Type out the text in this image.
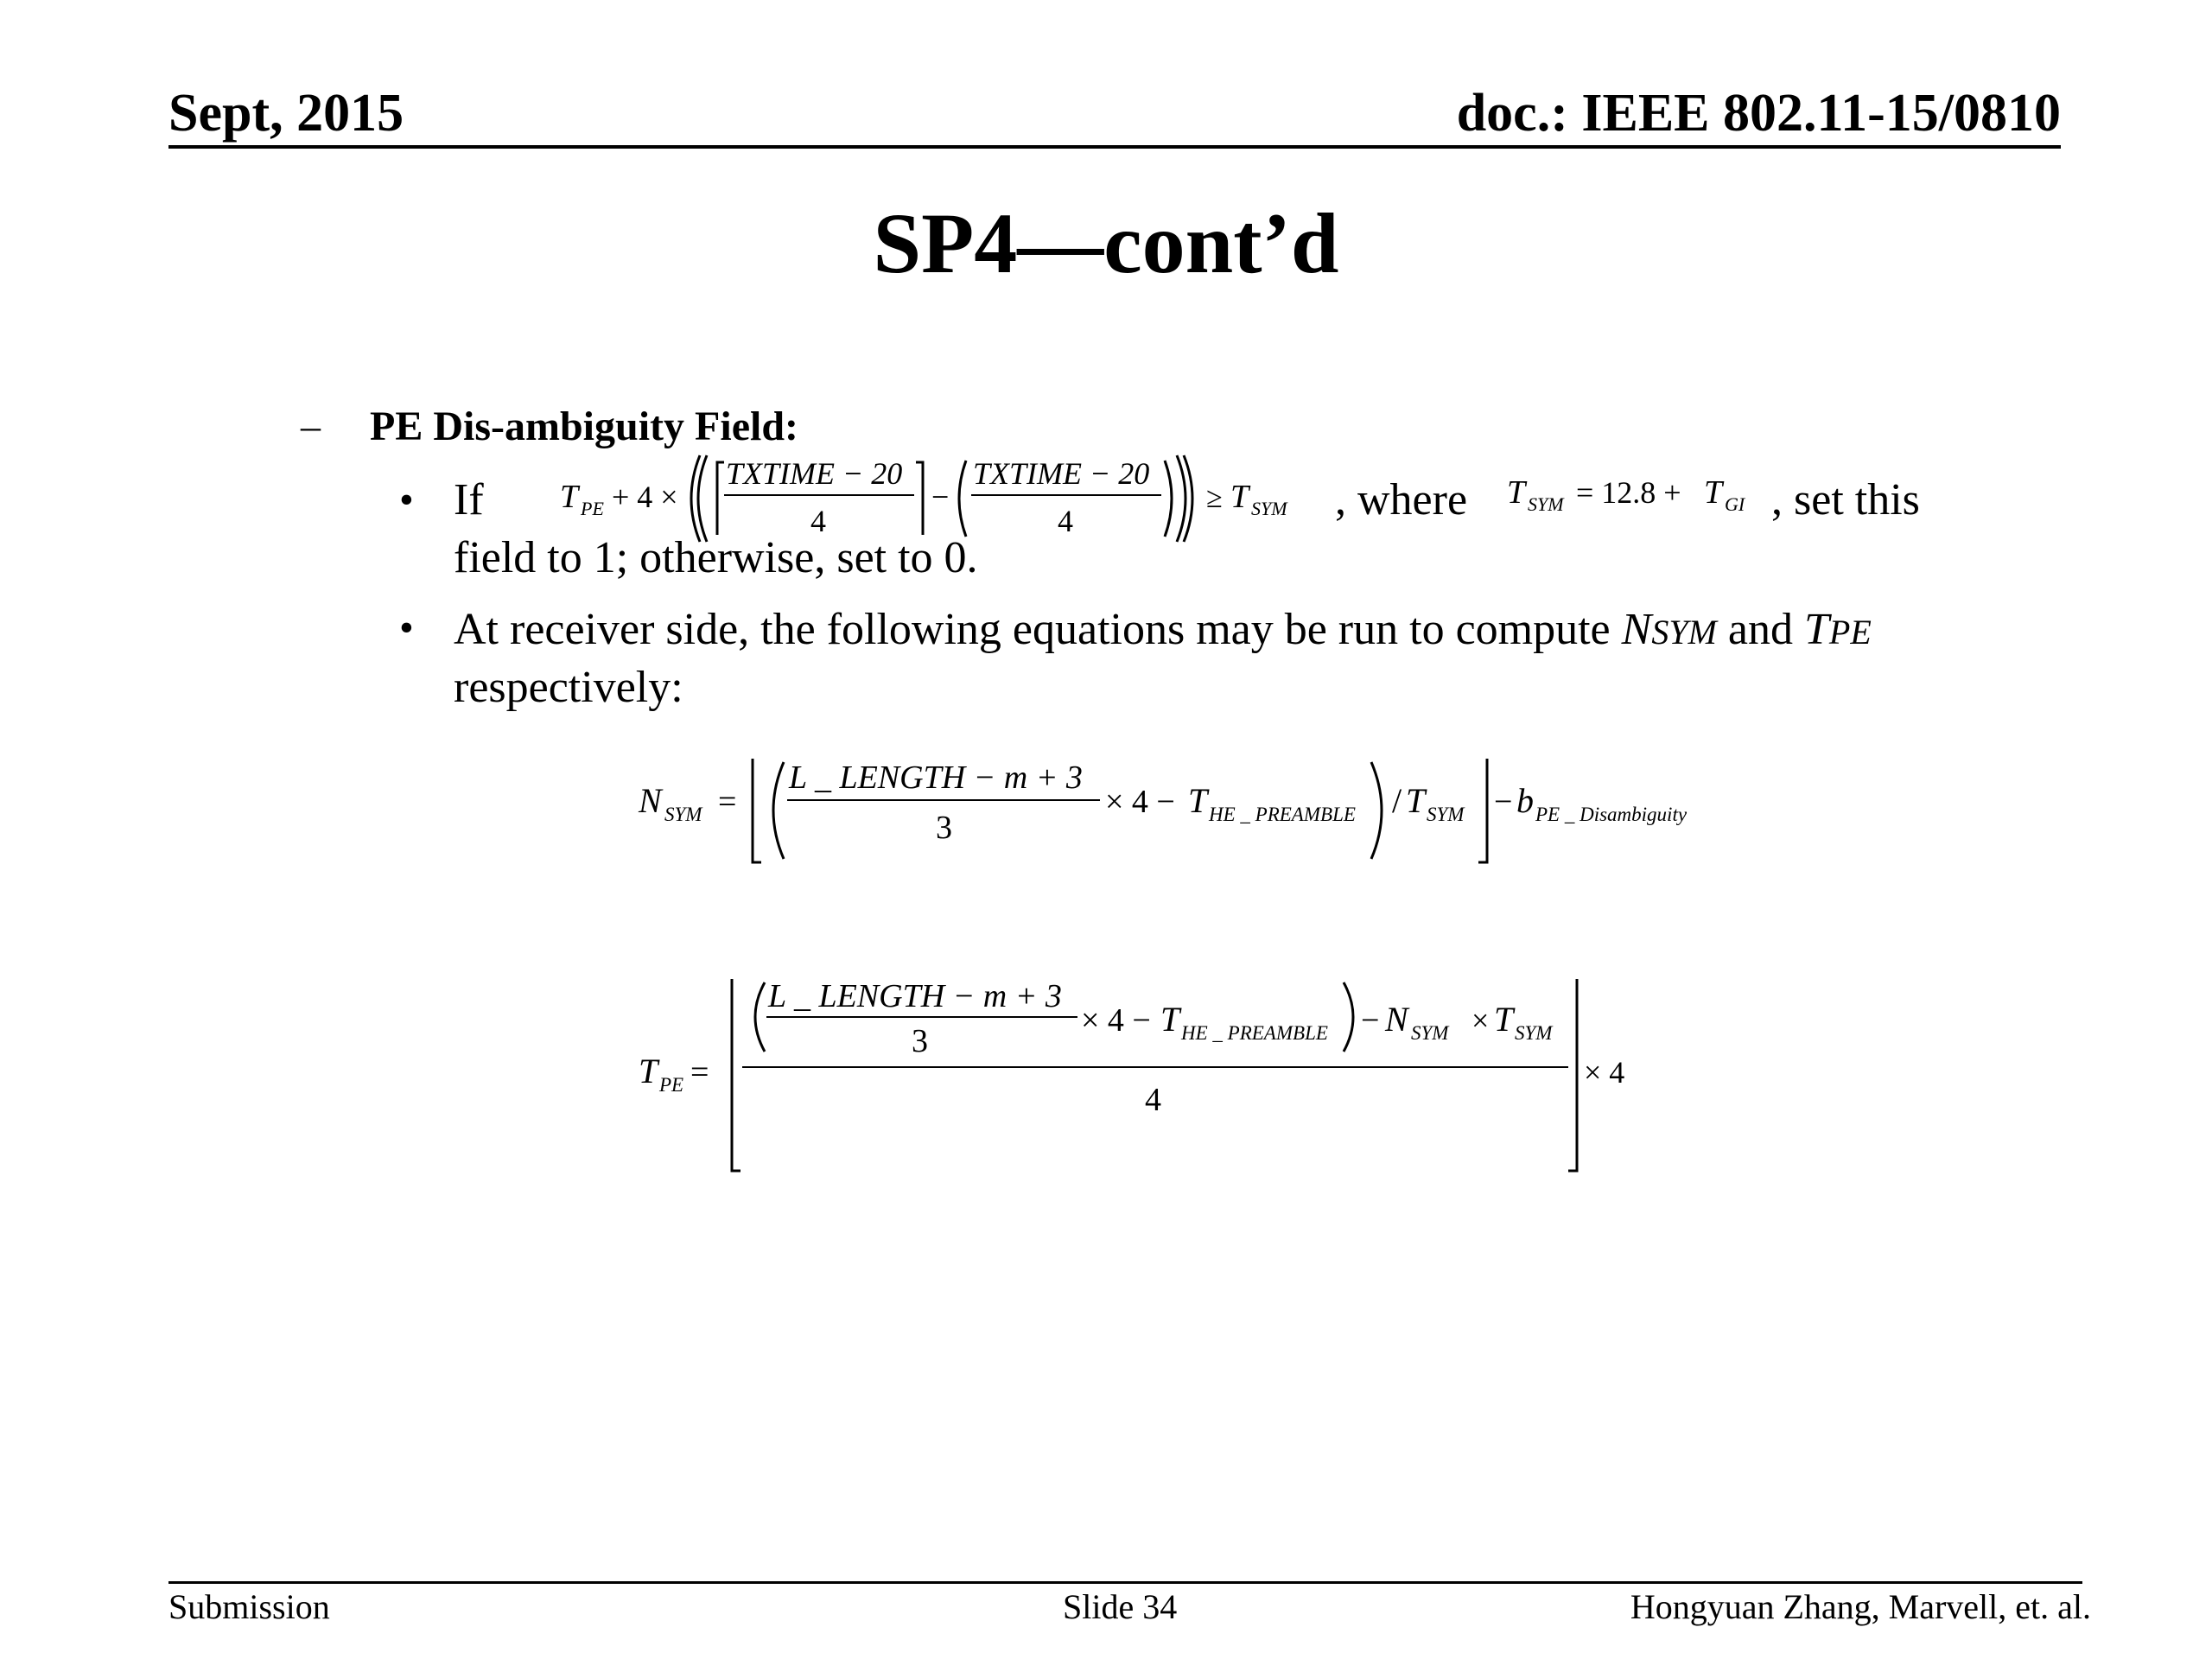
Sept, 2015	doc.: IEEE 802.11-15/0810
SP4—cont’d
– PE Dis-ambiguity Field:
• If T PE + 4 ×
TXTIME − 20
4
−
TXTIME − 20
4
≥ T SYM , where T SYM = 12.8 + T GI , set this
field to 1; otherwise, set to 0.
• At receiver side, the following equations may be run to compute NSYM and TPE
respectively:
N SYM =
L _ LENGTH − m + 3
3
× 4 − T HE _ PREAMBLE / T SYM − b PE _ Disambiguity
T PE =
L _ LENGTH − m + 3
3
× 4 − T HE _ PREAMBLE − N SYM × T SYM
4
× 4
Submission	Slide 34	Hongyuan Zhang, Marvell, et. al.
